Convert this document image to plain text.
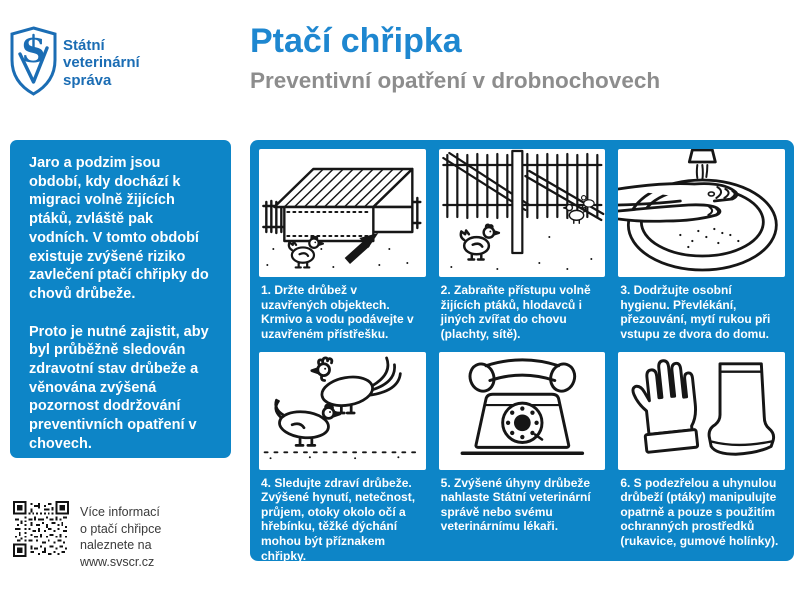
S Státní
veterinární
správa
Ptačí chřipka
Preventivní opatření v drobnochovech

Jaro a podzim jsou období, kdy dochází k migraci volně žijících ptáků, zvláště pak vodních. V tomto období existuje zvýšené riziko zavlečení ptačí chřipky do chovů drůbeže.

Proto je nutné zajistit, aby byl průběžně sledován zdravotní stav drůbeže a věnována zvýšená pozornost dodržování preventivních opatření v chovech.

1. Držte drůbež v uzavřených objektech. Krmivo a vodu podávejte v uzavřeném přístřešku.
2. Zabraňte přístupu volně žijících ptáků, hlodavců i jiných zvířat do chovu (plachty, sítě).
3. Dodržujte osobní hygienu. Převlékání, přezouvání, mytí rukou při vstupu ze dvora do domu.
4. Sledujte zdraví drůbeže. Zvýšené hynutí, netečnost, průjem, otoky okolo očí a hřebínku, těžké dýchání mohou být příznakem chřipky.
5. Zvýšené úhyny drůbeže nahlaste Státní veterinární správě nebo svému veterinárnímu lékaři.
6. S podezřelou a uhynulou drůbeží (ptáky) manipulujte opatrně a pouze s použitím ochranných prostředků (rukavice, gumové holínky).
Více informací
o ptačí chřipce
naleznete na
www.svscr.cz
